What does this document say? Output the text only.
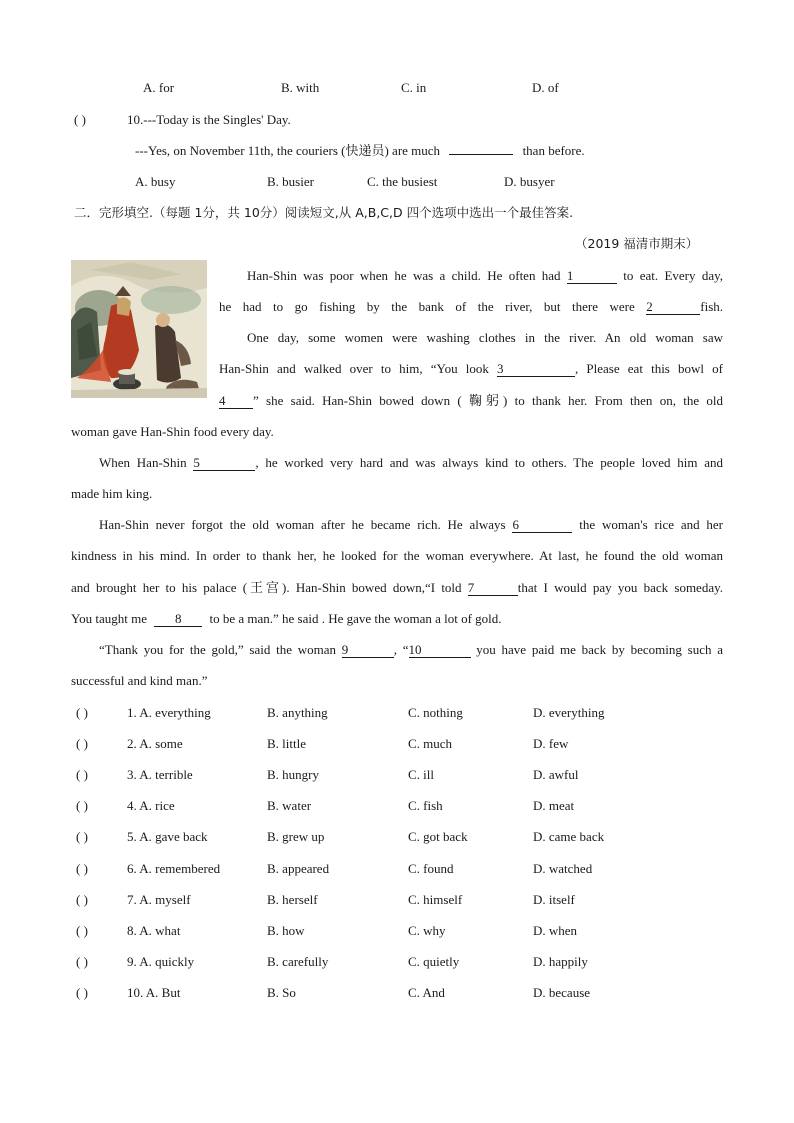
A. for	B. with	C. in	D. of
( )	10.---Today is the Singles' Day.
---Yes, on November 11th, the couriers (快递员) are much	than before.
A. busy	B. busier	C. the busiest	D. busyer
二．完形填空.（每题 1分，共 10分）阅读短文,从 A,B,C,D 四个选项中选出一个最佳答案.
（2019 福清市期末）
Han-Shin was poor when he was a child. He often had 1	to eat. Every day,
he had to go fishing by the bank of the river, but there were 2	fish.
One day, some women were washing clothes in the river. An old woman saw
Han-Shin and walked over to him, “You look 3	, Please eat this bowl of
4 ” she said. Han-Shin bowed down ( 鞠躬) to thank her. From then on, the old
woman gave Han-Shin food every day.
When Han-Shin 5	, he worked very hard and was always kind to others. The people loved him and
made him king.
Han-Shin never forgot the old woman after he became rich. He always 6	the woman's rice and her
kindness in his mind. In order to thank her, he looked for the woman everywhere. At last, he found the old woman
and brought her to his palace (王宫). Han-Shin bowed down,“I told 7	that I would pay you back someday.
You taught me 8 to be a man.” he said . He gave the woman a lot of gold.
“Thank you for the gold,” said the woman 9	, “10	you have paid me back by becoming such a
successful and kind man.”
( )	1. A. everything	B. anything	C. nothing	D. everything
( )	2. A. some	B. little	C. much	D. few
( )	3. A. terrible	B. hungry	C. ill	D. awful
( )	4. A. rice	B. water	C. fish	D. meat
( )	5. A. gave back	B. grew up	C. got back	D. came back
( )	6. A. remembered	B. appeared	C. found	D. watched
( )	7. A. myself	B. herself	C. himself	D. itself
( )	8. A. what	B. how	C. why	D. when
( )	9. A. quickly	B. carefully	C. quietly	D. happily
( )	10. A. But	B. So	C. And	D. because
